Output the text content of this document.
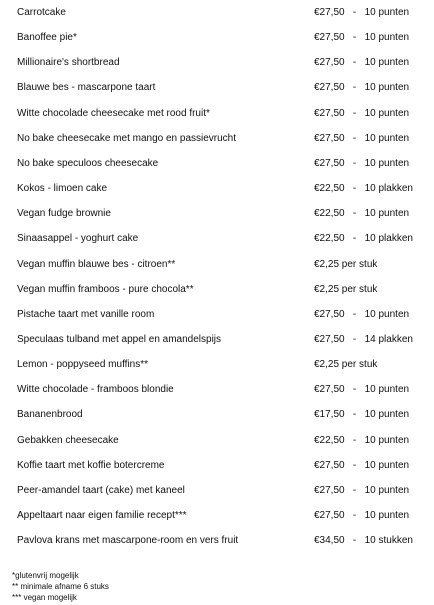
Carrotcake	€27,50   -   10 punten
Banoffee pie*	€27,50   -   10 punten
Millionaire's shortbread	€27,50   -   10 punten
Blauwe bes - mascarpone taart	€27,50   -   10 punten
Witte chocolade cheesecake met rood fruit*	€27,50   -   10 punten
No bake cheesecake met mango en passievrucht	€27,50   -   10 punten
No bake speculoos cheesecake	€27,50   -   10 punten
Kokos - limoen cake	€22,50   -   10 plakken
Vegan fudge brownie	€22,50   -   10 punten
Sinaasappel - yoghurt cake	€22,50   -   10 plakken
Vegan muffin blauwe bes - citroen**	€2,25 per stuk
Vegan muffin framboos - pure chocola**	€2,25 per stuk
Pistache taart met vanille room	€27,50   -   10 punten
Speculaas tulband met appel en amandelspijs	€27,50   -   14 plakken
Lemon - poppyseed muffins**	€2,25 per stuk
Witte chocolade - framboos blondie	€27,50   -   10 punten
Bananenbrood	€17,50   -   10 punten
Gebakken cheesecake	€22,50   -   10 punten
Koffie taart met koffie botercreme	€27,50   -   10 punten
Peer-amandel taart (cake) met kaneel	€27,50   -   10 punten
Appeltaart naar eigen familie recept***	€27,50   -   10 punten
Pavlova krans met mascarpone-room en vers fruit	€34,50   -   10 stukken
*glutenvrij mogelijk
** minimale afname 6 stuks
*** vegan mogelijk
